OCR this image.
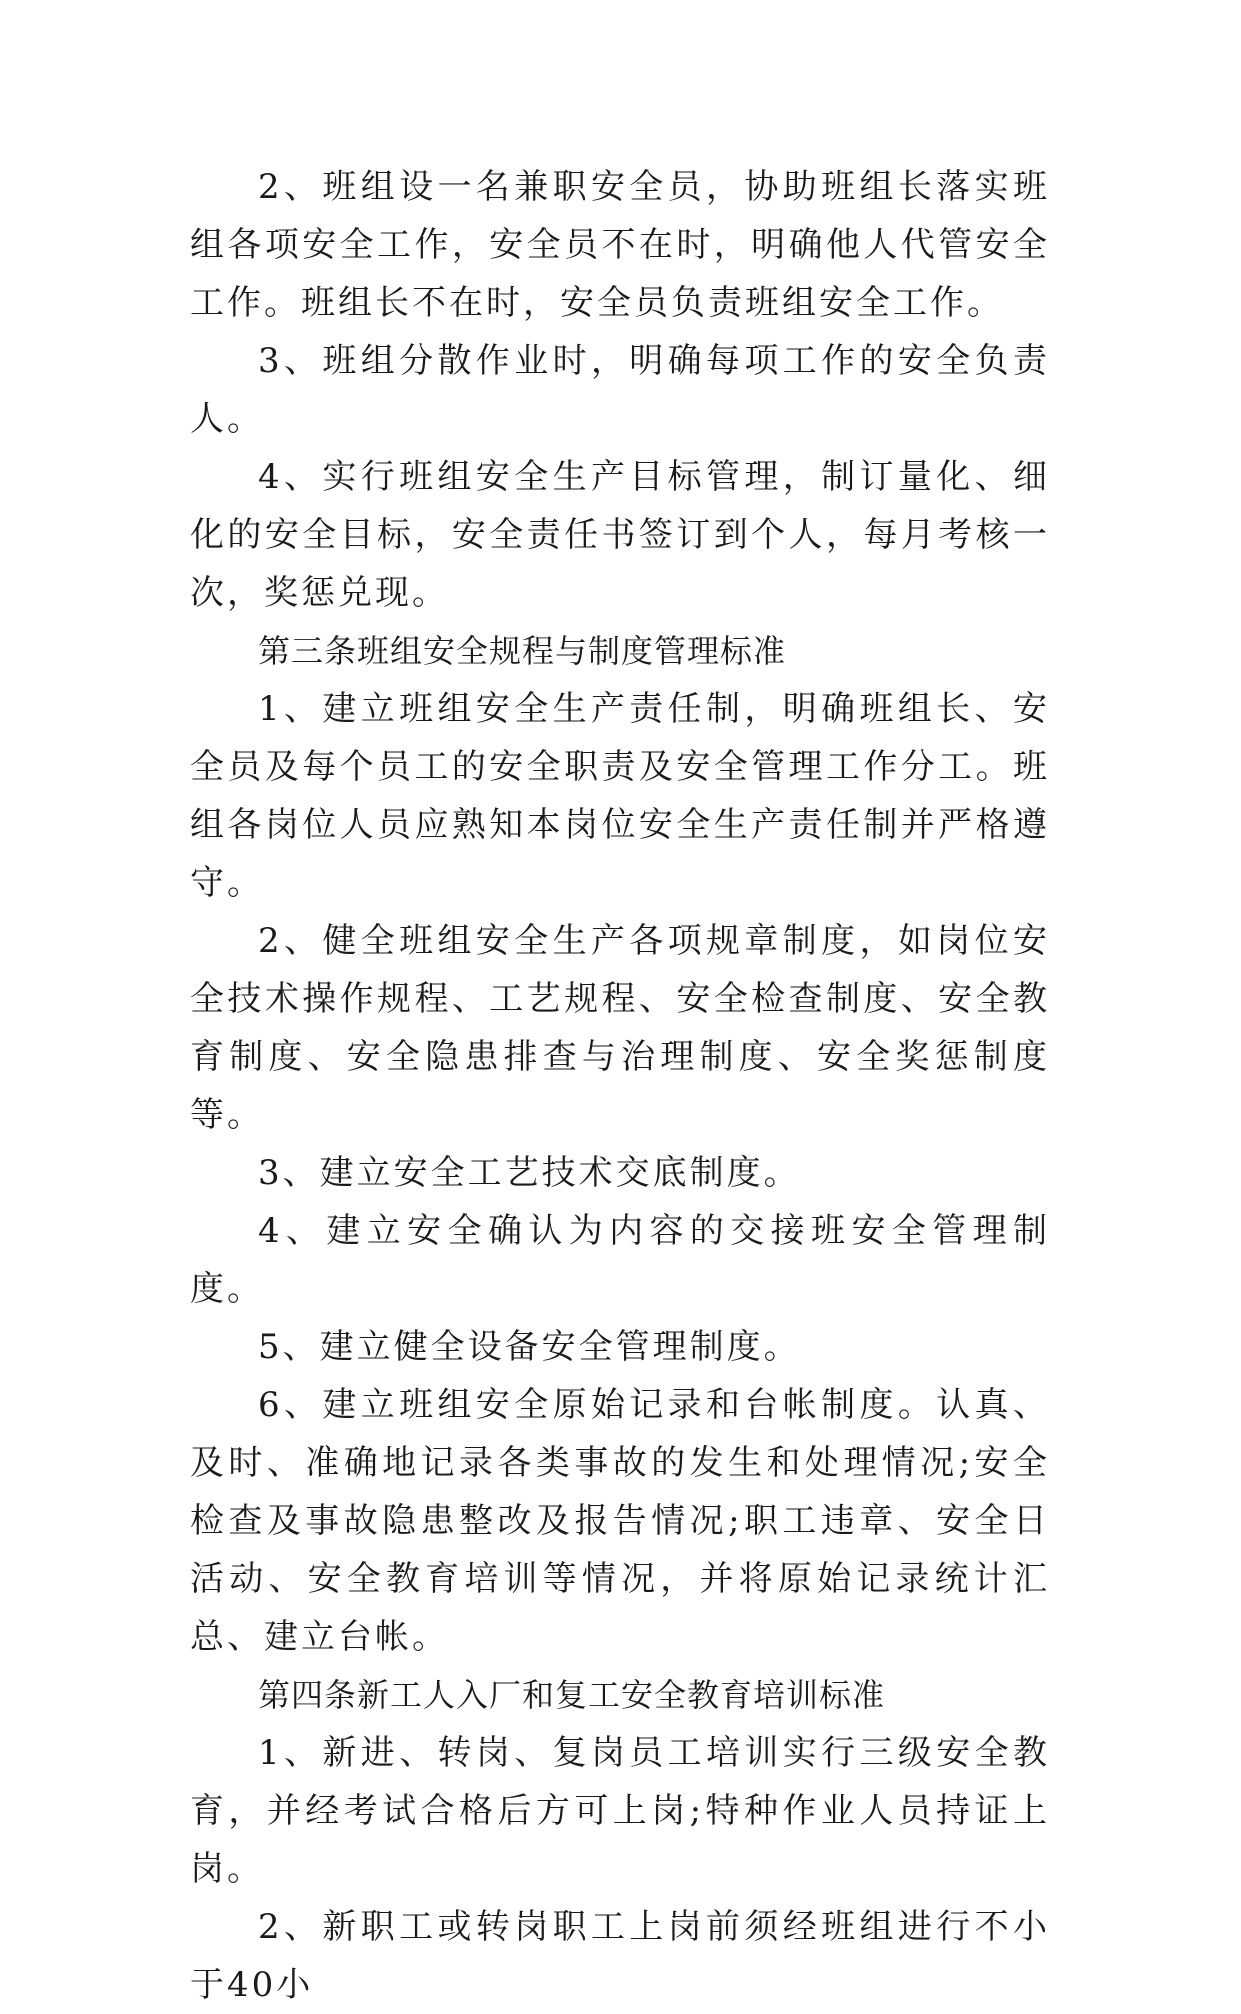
2、班组设一名兼职安全员，协助班组长落实班组各项安全工作，安全员不在时，明确他人代管安全工作。班组长不在时，安全员负责班组安全工作。

3、班组分散作业时，明确每项工作的安全负责人。

4、实行班组安全生产目标管理，制订量化、细化的安全目标，安全责任书签订到个人，每月考核一次，奖惩兑现。

第三条班组安全规程与制度管理标准

1、建立班组安全生产责任制，明确班组长、安全员及每个员工的安全职责及安全管理工作分工。班组各岗位人员应熟知本岗位安全生产责任制并严格遵守。

2、健全班组安全生产各项规章制度，如岗位安全技术操作规程、工艺规程、安全检查制度、安全教育制度、安全隐患排查与治理制度、安全奖惩制度等。

3、建立安全工艺技术交底制度。

4、建立安全确认为内容的交接班安全管理制度。

5、建立健全设备安全管理制度。

6、建立班组安全原始记录和台帐制度。认真、及时、准确地记录各类事故的发生和处理情况;安全检查及事故隐患整改及报告情况;职工违章、安全日活动、安全教育培训等情况，并将原始记录统计汇总、建立台帐。

第四条新工人入厂和复工安全教育培训标准

1、新进、转岗、复岗员工培训实行三级安全教育，并经考试合格后方可上岗;特种作业人员持证上岗。

2、新职工或转岗职工上岗前须经班组进行不小于40小
